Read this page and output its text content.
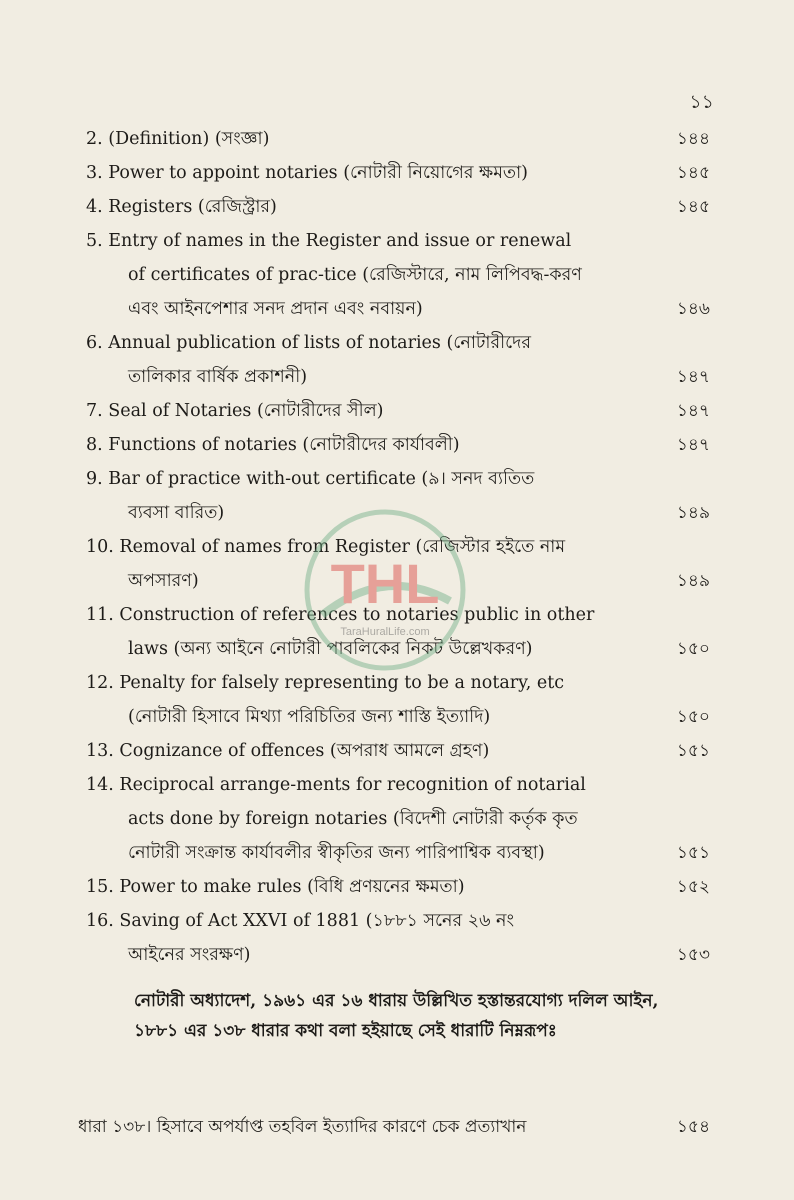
১১
2. (Definition) (সংজ্ঞা)	১৪৪
3. Power to appoint notaries (নোটারী নিয়োগের ক্ষমতা)	১৪৫
4. Registers (রেজিস্ট্রার)	১৪৫
5. Entry of names in the Register and issue or renewal
of certificates of prac-tice (রেজিস্টারে, নাম লিপিবদ্ধ-করণ
এবং আইনপেশার সনদ প্রদান এবং নবায়ন)	১৪৬
6. Annual publication of lists of notaries (নোটারীদের
তালিকার বার্ষিক প্রকাশনী)	১৪৭
7. Seal of Notaries (নোটারীদের সীল)	১৪৭
8. Functions of notaries (নোটারীদের কার্যাবলী)	১৪৭
9. Bar of practice with-out certificate (৯। সনদ ব্যতিত
ব্যবসা বারিত)	১৪৯
10. Removal of names from Register (রেজিস্টার হইতে নাম
অপসারণ)	১৪৯
11. Construction of references to notaries public in other
laws (অন্য আইনে নোটারী পাবলিকের নিকট উল্লেখকরণ)	১৫০
12. Penalty for falsely representing to be a notary, etc
(নোটারী হিসাবে মিথ্যা পরিচিতির জন্য শাস্তি ইত্যাদি)	১৫০
13. Cognizance of offences (অপরাধ আমলে গ্রহণ)	১৫১
14. Reciprocal arrange-ments for recognition of notarial
acts done by foreign notaries (বিদেশী নোটারী কর্তৃক কৃত
নোটারী সংক্রান্ত কার্যাবলীর স্বীকৃতির জন্য পারিপাশ্বিক ব্যবস্থা)	১৫১
15. Power to make rules (বিধি প্রণয়নের ক্ষমতা)	১৫২
16. Saving of Act XXVI of 1881 (১৮৮১ সনের ২৬ নং
আইনের সংরক্ষণ)	১৫৩
নোটারী অধ্যাদেশ, ১৯৬১ এর ১৬ ধারায় উল্লিখিত হস্তান্তরযোগ্য দলিল আইন, ১৮৮১ এর ১৩৮ ধারার কথা বলা হইয়াছে সেই ধারাটি নিম্নরূপঃ
ধারা ১৩৮। হিসাবে অপর্যাপ্ত তহবিল ইত্যাদির কারণে চেক প্রত্যাখান	১৫৪
THL
TaraHuralLife.com
